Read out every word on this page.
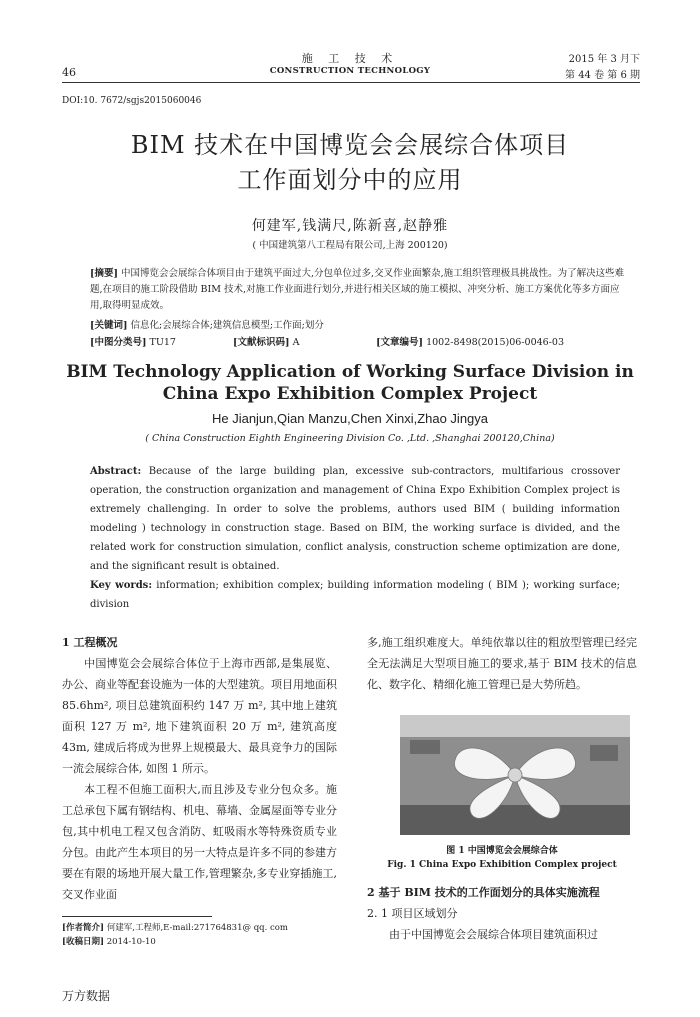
46
施 工 技 术
CONSTRUCTION TECHNOLOGY
2015 年 3 月下
第 44 卷 第 6 期
DOI:10. 7672/sgjs2015060046
BIM 技术在中国博览会会展综合体项目
工作面划分中的应用
何建军,钱满尺,陈新喜,赵静雅
( 中国建筑第八工程局有限公司,上海 200120)
[摘要] 中国博览会会展综合体项目由于建筑平面过大,分包单位过多,交叉作业面繁杂,施工组织管理极具挑战性。为了解决这些难题,在项目的施工阶段借助 BIM 技术,对施工作业面进行划分,并进行相关区域的施工模拟、冲突分析、施工方案优化等多方面应用,取得明显成效。
[关键词] 信息化;会展综合体;建筑信息模型;工作面;划分
[中图分类号] TU17	[文献标识码] A	[文章编号] 1002-8498(2015)06-0046-03
BIM Technology Application of Working Surface Division in
China Expo Exhibition Complex Project
He Jianjun,Qian Manzu,Chen Xinxi,Zhao Jingya
( China Construction Eighth Engineering Division Co. ,Ltd. ,Shanghai 200120,China)
Abstract: Because of the large building plan, excessive sub-contractors, multifarious crossover operation, the construction organization and management of China Expo Exhibition Complex project is extremely challenging. In order to solve the problems, authors used BIM ( building information modeling ) technology in construction stage. Based on BIM, the working surface is divided, and the related work for construction simulation, conflict analysis, construction scheme optimization are done, and the significant result is obtained.
Key words: information; exhibition complex; building information modeling ( BIM ); working surface; division
1 工程概况

中国博览会会展综合体位于上海市西部,是集展览、办公、商业等配套设施为一体的大型建筑。项目用地面积 85.6hm², 项目总建筑面积约 147 万 m², 其中地上建筑面积 127 万 m², 地下建筑面积 20 万 m², 建筑高度 43m, 建成后将成为世界上规模最大、最具竞争力的国际一流会展综合体, 如图 1 所示。

本工程不但施工面积大,而且涉及专业分包众多。施工总承包下属有钢结构、机电、幕墙、金属屋面等专业分包,其中机电工程又包含消防、虹吸雨水等特殊资质专业分包。由此产生本项目的另一大特点是许多不同的参建方要在有限的场地开展大量工作,管理繁杂,多专业穿插施工,交叉作业面

多,施工组织难度大。单纯依靠以往的粗放型管理已经完全无法满足大型项目施工的要求,基于 BIM 技术的信息化、数字化、精细化施工管理已是大势所趋。

图 1 中国博览会会展综合体
Fig. 1 China Expo Exhibition Complex project
2 基于 BIM 技术的工作面划分的具体实施流程
2. 1 项目区域划分

由于中国博览会会展综合体项目建筑面积过

[作者简介] 何建军,工程师,E-mail:271764831@ qq. com
[收稿日期] 2014-10-10
万方数据
